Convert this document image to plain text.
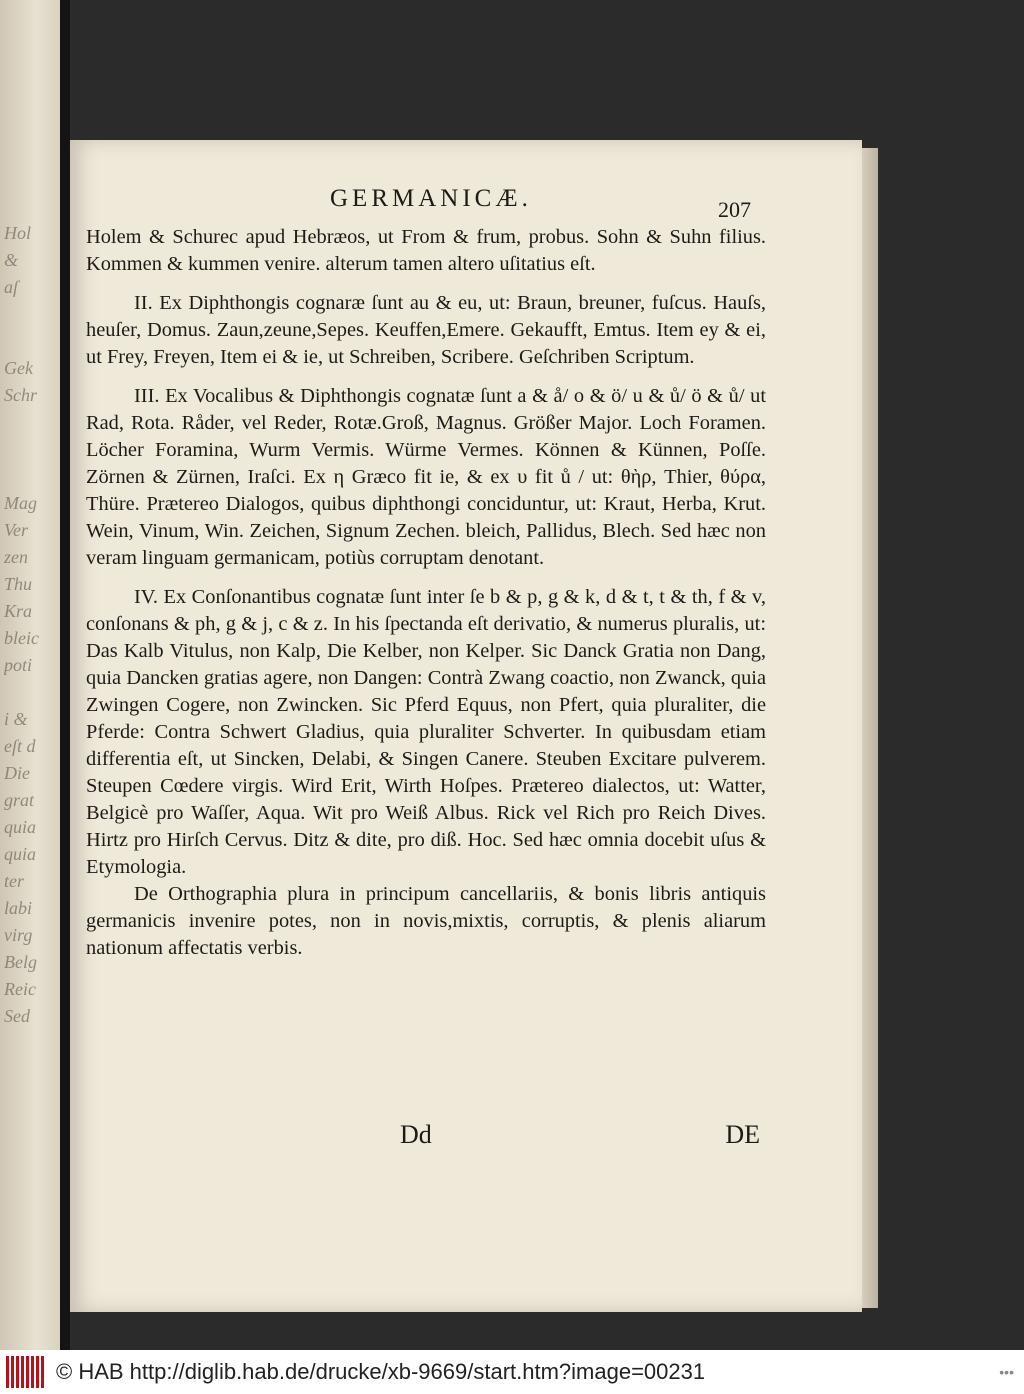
Hol
&
aſ
Gek
Schr
Mag
Ver
zen
Thu
Kra
bleic
poti
i &
eſt d
Die
grat
quia
quia
ter
labi
virg
Belg
Reic
Sed
GERMANICÆ.	207

Holem & Schurec apud Hebræos, ut From & frum, probus. Sohn & Suhn filius. Kommen & kummen venire. alterum tamen altero uſitatius eſt.

II. Ex Diphthongis cognaræ ſunt au & eu, ut: Braun, breuner, fuſcus. Hauſs, heuſer, Domus. Zaun,zeune,Sepes. Keuffen,Emere. Gekaufft, Emtus. Item ey & ei, ut Frey, Freyen, Item ei & ie, ut Schreiben, Scribere. Geſchriben Scriptum.

III. Ex Vocalibus & Diphthongis cognatæ ſunt a & å/ o & ö/ u & ů/ ö & ů/ ut Rad, Rota. Råder, vel Reder, Rotæ.Groß, Magnus. Größer Major. Loch Foramen. Löcher Foramina, Wurm Vermis. Würme Vermes. Können & Künnen, Poſſe. Zörnen & Zürnen, Iraſci. Ex η Græco fit ie, & ex υ fit ů / ut: θὴρ, Thier, θύρα, Thüre. Prætereo Dialogos, quibus diphthongi conciduntur, ut: Kraut, Herba, Krut. Wein, Vinum, Win. Zeichen, Signum Zechen. bleich, Pallidus, Blech. Sed hæc non veram linguam germanicam, potiùs corruptam denotant.

IV. Ex Conſonantibus cognatæ ſunt inter ſe b & p, g & k, d & t, t & th, f & v, conſonans & ph, g & j, c & z. In his ſpectanda eſt derivatio, & numerus pluralis, ut: Das Kalb Vitulus, non Kalp, Die Kelber, non Kelper. Sic Danck Gratia non Dang, quia Dancken gratias agere, non Dangen: Contrà Zwang coactio, non Zwanck, quia Zwingen Cogere, non Zwincken. Sic Pferd Equus, non Pfert, quia pluraliter, die Pferde: Contra Schwert Gladius, quia pluraliter Schverter. In quibusdam etiam differentia eſt, ut Sincken, Delabi, & Singen Canere. Steuben Excitare pulverem. Steupen Cœdere virgis. Wird Erit, Wirth Hoſpes. Prætereo dialectos, ut: Watter, Belgicè pro Waſſer, Aqua. Wit pro Weiß Albus. Rick vel Rich pro Reich Dives. Hirtz pro Hirſch Cervus. Ditz & dite, pro diß. Hoc. Sed hæc omnia docebit uſus & Etymologia.

De Orthographia plura in principum cancellariis, & bonis libris antiquis germanicis invenire potes, non in novis,mixtis, corruptis, & plenis aliarum nationum affectatis verbis.

Dd	DE
© HAB http://diglib.hab.de/drucke/xb-9669/start.htm?image=00231	•••
